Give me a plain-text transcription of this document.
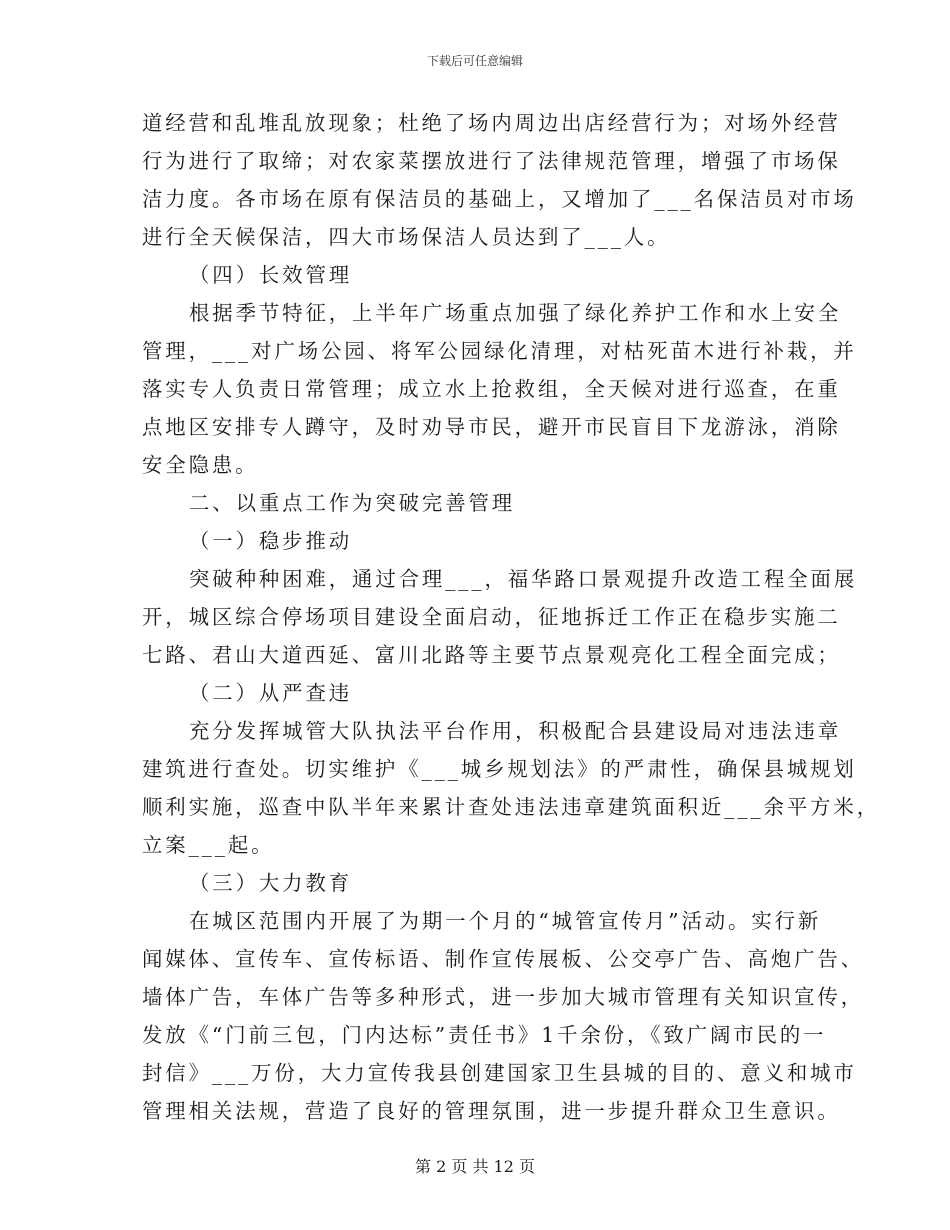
下载后可任意编辑
道经营和乱堆乱放现象；杜绝了场内周边出店经营行为；对场外经营
行为进行了取缔；对农家菜摆放进行了法律规范管理，增强了市场保
洁力度。各市场在原有保洁员的基础上，又增加了___名保洁员对市场
进行全天候保洁，四大市场保洁人员达到了___人。
（四）长效管理
根据季节特征，上半年广场重点加强了绿化养护工作和水上安全
管理，___对广场公园、将军公园绿化清理，对枯死苗木进行补栽，并
落实专人负责日常管理；成立水上抢救组，全天候对进行巡查，在重
点地区安排专人蹲守，及时劝导市民，避开市民盲目下龙游泳，消除
安全隐患。
二、以重点工作为突破完善管理
（一）稳步推动
突破种种困难，通过合理___，福华路口景观提升改造工程全面展
开，城区综合停场项目建设全面启动，征地拆迁工作正在稳步实施二
七路、君山大道西延、富川北路等主要节点景观亮化工程全面完成；
（二）从严查违
充分发挥城管大队执法平台作用，积极配合县建设局对违法违章
建筑进行查处。切实维护《___城乡规划法》的严肃性，确保县城规划
顺利实施，巡查中队半年来累计查处违法违章建筑面积近___余平方米，
立案___起。
（三）大力教育
在城区范围内开展了为期一个月的“城管宣传月”活动。实行新
闻媒体、宣传车、宣传标语、制作宣传展板、公交亭广告、高炮广告、
墙体广告，车体广告等多种形式，进一步加大城市管理有关知识宣传，
发放《“门前三包，门内达标”责任书》1千余份，《致广阔市民的一
封信》___万份，大力宣传我县创建国家卫生县城的目的、意义和城市
管理相关法规，营造了良好的管理氛围，进一步提升群众卫生意识。
第 2 页 共 12 页
